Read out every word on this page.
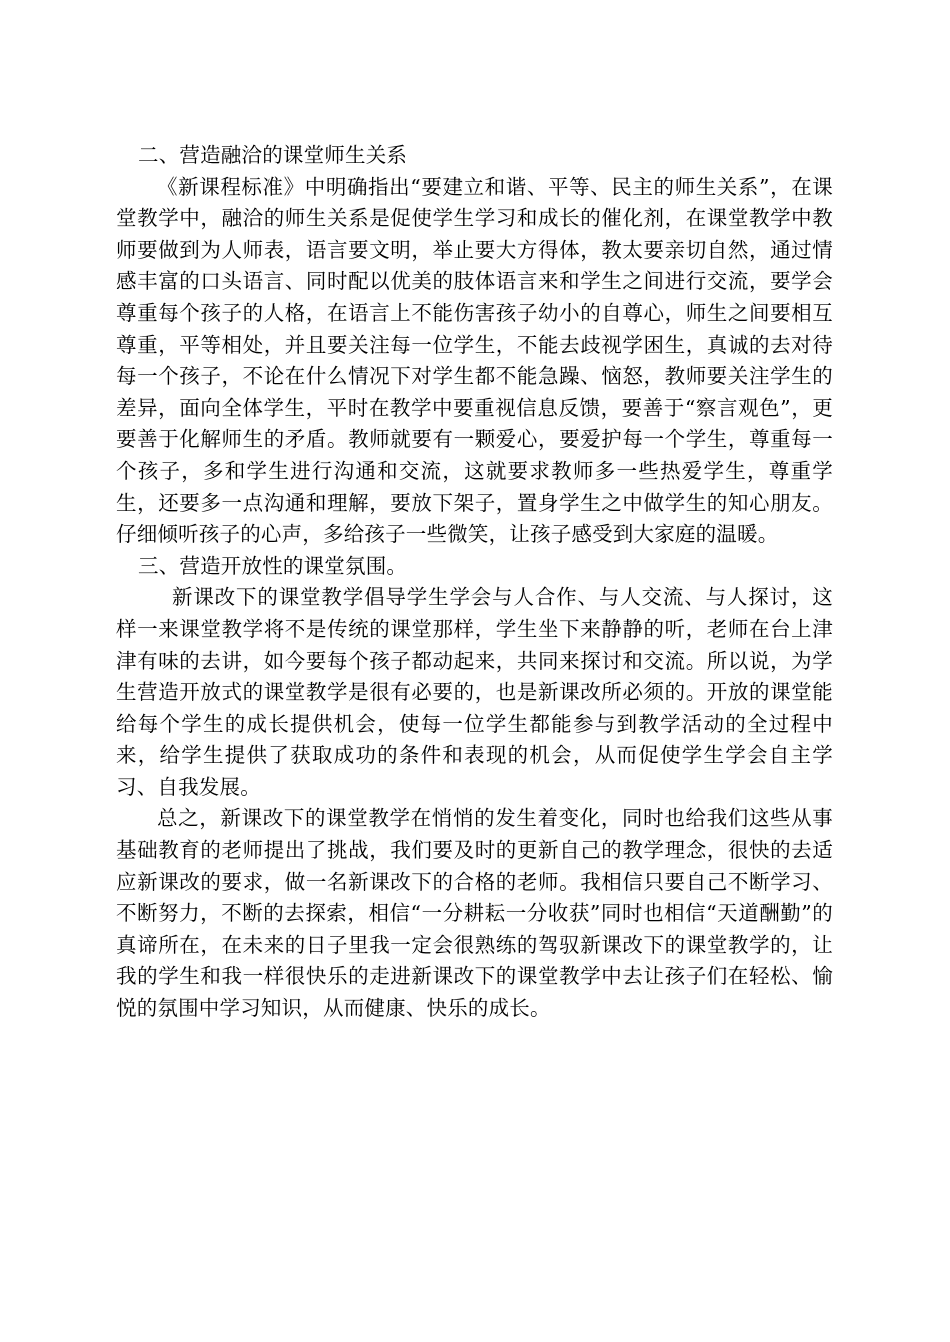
二、营造融洽的课堂师生关系

《新课程标准》中明确指出“要建立和谐、平等、民主的师生关系”，在课堂教学中，融洽的师生关系是促使学生学习和成长的催化剂，在课堂教学中教师要做到为人师表，语言要文明，举止要大方得体，教太要亲切自然，通过情感丰富的口头语言、同时配以优美的肢体语言来和学生之间进行交流，要学会尊重每个孩子的人格，在语言上不能伤害孩子幼小的自尊心，师生之间要相互尊重，平等相处，并且要关注每一位学生，不能去歧视学困生，真诚的去对待每一个孩子，不论在什么情况下对学生都不能急躁、恼怒，教师要关注学生的差异，面向全体学生，平时在教学中要重视信息反馈，要善于“察言观色”，更要善于化解师生的矛盾。教师就要有一颗爱心，要爱护每一个学生，尊重每一个孩子，多和学生进行沟通和交流，这就要求教师多一些热爱学生，尊重学生，还要多一点沟通和理解，要放下架子，置身学生之中做学生的知心朋友。仔细倾听孩子的心声，多给孩子一些微笑，让孩子感受到大家庭的温暖。

三、营造开放性的课堂氛围。

新课改下的课堂教学倡导学生学会与人合作、与人交流、与人探讨，这样一来课堂教学将不是传统的课堂那样，学生坐下来静静的听，老师在台上津津有味的去讲，如今要每个孩子都动起来，共同来探讨和交流。所以说，为学生营造开放式的课堂教学是很有必要的，也是新课改所必须的。开放的课堂能给每个学生的成长提供机会，使每一位学生都能参与到教学活动的全过程中来，给学生提供了获取成功的条件和表现的机会，从而促使学生学会自主学习、自我发展。

总之，新课改下的课堂教学在悄悄的发生着变化，同时也给我们这些从事基础教育的老师提出了挑战，我们要及时的更新自己的教学理念，很快的去适应新课改的要求，做一名新课改下的合格的老师。我相信只要自己不断学习、不断努力，不断的去探索，相信“一分耕耘一分收获”同时也相信“天道酬勤”的真谛所在，在未来的日子里我一定会很熟练的驾驭新课改下的课堂教学的，让我的学生和我一样很快乐的走进新课改下的课堂教学中去让孩子们在轻松、愉悦的氛围中学习知识，从而健康、快乐的成长。
